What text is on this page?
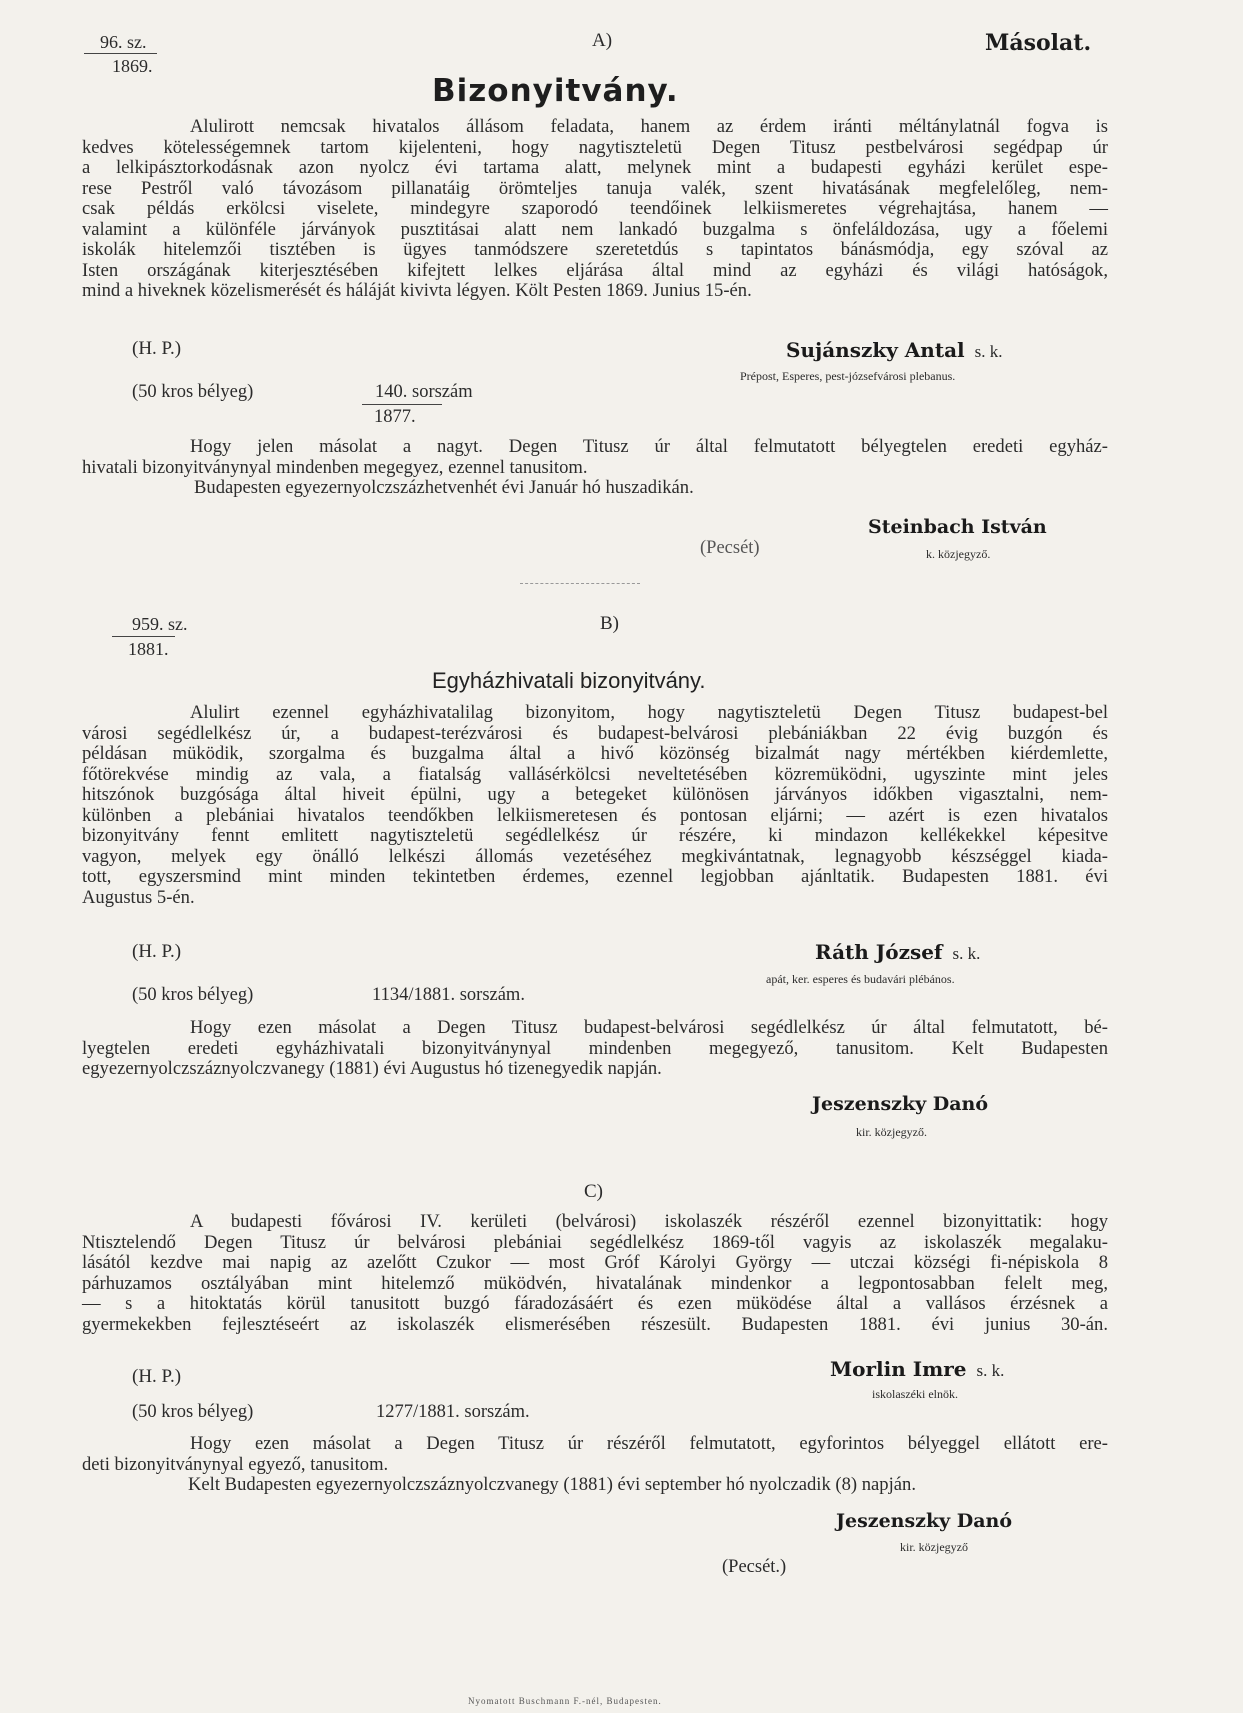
96. sz.
1869.
A)	Másolat.
Bizonyitvány.
Alulirott nemcsak hivatalos állásom feladata, hanem az érdem iránti méltánylatnál fogva is
kedves kötelességemnek tartom kijelenteni, hogy nagytiszteletü Degen Titusz pestbelvárosi segédpap úr
a lelkipásztorkodásnak azon nyolcz évi tartama alatt, melynek mint a budapesti egyházi kerület espe-
rese Pestről való távozásom pillanatáig örömteljes tanuja valék, szent hivatásának megfelelőleg, nem-
csak példás erkölcsi viselete, mindegyre szaporodó teendőinek lelkiismeretes végrehajtása, hanem —
valamint a különféle járványok pusztitásai alatt nem lankadó buzgalma s önfeláldozása, ugy a főelemi
iskolák hitelemzői tisztében is ügyes tanmódszere szeretetdús s tapintatos bánásmódja, egy szóval az
Isten országának kiterjesztésében kifejtett lelkes eljárása által mind az egyházi és világi hatóságok,
mind a hiveknek közelismerését és háláját kivivta légyen. Költ Pesten 1869. Junius 15-én.
(H. P.)	Sujánszky Antal s. k.
Prépost, Esperes, pest-józsefvárosi plebanus.
(50 kros bélyeg)	140. sorszám
1877.
Hogy jelen másolat a nagyt. Degen Titusz úr által felmutatott bélyegtelen eredeti egyház-
hivatali bizonyitványnyal mindenben megegyez, ezennel tanusitom.
Budapesten egyezernyolczszázhetvenhét évi Január hó huszadikán.
Steinbach István
(Pecsét)	k. közjegyző.
959. sz.
1881.
B)
Egyházhivatali bizonyitvány.
Alulirt ezennel egyházhivatalilag bizonyitom, hogy nagytiszteletü Degen Titusz budapest-bel
városi segédlelkész úr, a budapest-terézvárosi és budapest-belvárosi plebániákban 22 évig buzgón és
példásan müködik, szorgalma és buzgalma által a hivő közönség bizalmát nagy mértékben kiérdemlette,
főtörekvése mindig az vala, a fiatalság vallásérkölcsi neveltetésében közremüködni, ugyszinte mint jeles
hitszónok buzgósága által hiveit épülni, ugy a betegeket különösen járványos időkben vigasztalni, nem-
különben a plebániai hivatalos teendőkben lelkiismeretesen és pontosan eljárni; — azért is ezen hivatalos
bizonyitvány fennt emlitett nagytiszteletü segédlelkész úr részére, ki mindazon kellékekkel képesitve
vagyon, melyek egy önálló lelkészi állomás vezetéséhez megkivántatnak, legnagyobb készséggel kiada-
tott, egyszersmind mint minden tekintetben érdemes, ezennel legjobban ajánltatik. Budapesten 1881. évi
Augustus 5-én.
(H. P.)	Ráth József s. k.
apát, ker. esperes és budavári plébános.
(50 kros bélyeg)	1134/1881. sorszám.
Hogy ezen másolat a Degen Titusz budapest-belvárosi segédlelkész úr által felmutatott, bé-
lyegtelen eredeti egyházhivatali bizonyitványnyal mindenben megegyező, tanusitom. Kelt Budapesten
egyezernyolczszáznyolczvanegy (1881) évi Augustus hó tizenegyedik napján.
Jeszenszky Danó
kir. közjegyző.
C)
A budapesti fővárosi IV. kerületi (belvárosi) iskolaszék részéről ezennel bizonyittatik: hogy
Ntisztelendő Degen Titusz úr belvárosi plebániai segédlelkész 1869-től vagyis az iskolaszék megalaku-
lásától kezdve mai napig az azelőtt Czukor — most Gróf Károlyi György — utczai községi fi-népiskola 8
párhuzamos osztályában mint hitelemző müködvén, hivatalának mindenkor a legpontosabban felelt meg,
— s a hitoktatás körül tanusitott buzgó fáradozásáért és ezen müködése által a vallásos érzésnek a
gyermekekben fejlesztéseért az iskolaszék elismerésében részesült. Budapesten 1881. évi junius 30-án.
(H. P.)	Morlin Imre s. k.
iskolaszéki elnök.
(50 kros bélyeg)	1277/1881. sorszám.
Hogy ezen másolat a Degen Titusz úr részéről felmutatott, egyforintos bélyeggel ellátott ere-
deti bizonyitványnyal egyező, tanusitom.
Kelt Budapesten egyezernyolczszáznyolczvanegy (1881) évi september hó nyolczadik (8) napján.
Jeszenszky Danó
kir. közjegyző
(Pecsét.)
Nyomatott Buschmann F.-nél, Budapesten.
